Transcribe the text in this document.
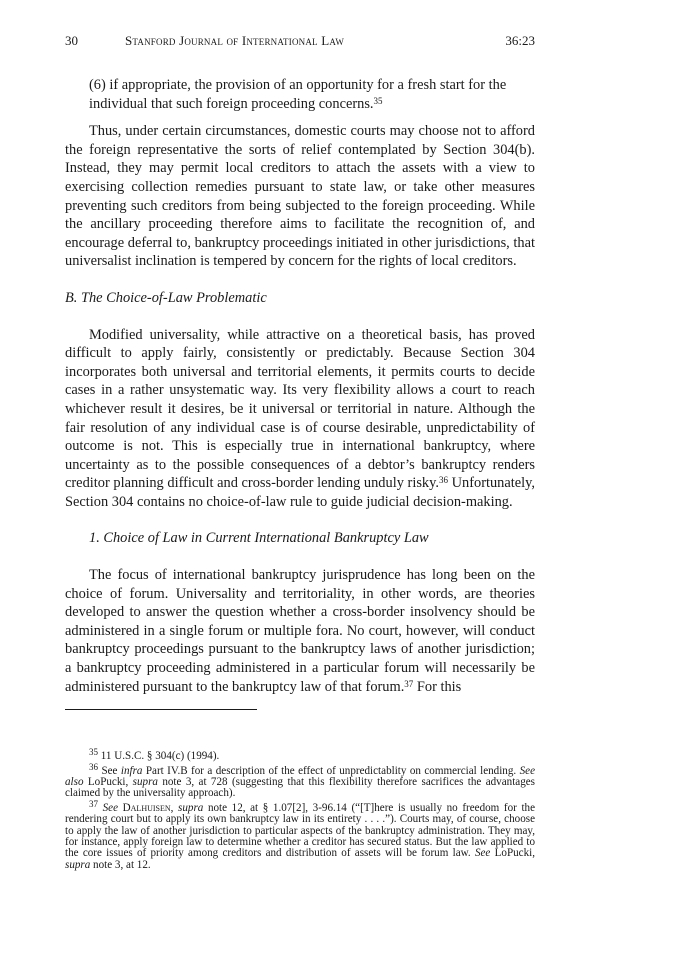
30	Stanford Journal of International Law	36:23

(6) if appropriate, the provision of an opportunity for a fresh start for the individual that such foreign proceeding concerns.$^{35}$

Thus, under certain circumstances, domestic courts may choose not to afford the foreign representative the sorts of relief contemplated by Section 304(b). Instead, they may permit local creditors to attach the assets with a view to exercising collection remedies pursuant to state law, or take other measures preventing such creditors from being subjected to the foreign proceeding. While the ancillary proceeding therefore aims to facilitate the recognition of, and encourage deferral to, bankruptcy proceedings initiated in other jurisdictions, that universalist inclination is tempered by concern for the rights of local creditors.

B. The Choice-of-Law Problematic

Modified universality, while attractive on a theoretical basis, has proved difficult to apply fairly, consistently or predictably. Because Section 304 incorporates both universal and territorial elements, it permits courts to decide cases in a rather unsystematic way. Its very flexibility allows a court to reach whichever result it desires, be it universal or territorial in nature. Although the fair resolution of any individual case is of course desirable, unpredictability of outcome is not. This is especially true in international bankruptcy, where uncertainty as to the possible consequences of a debtor’s bankruptcy renders creditor planning difficult and cross-border lending unduly risky.$^{36}$ Unfortunately, Section 304 contains no choice-of-law rule to guide judicial decision-making.

1. Choice of Law in Current International Bankruptcy Law

The focus of international bankruptcy jurisprudence has long been on the choice of forum. Universality and territoriality, in other words, are theories developed to answer the question whether a cross-border insolvency should be administered in a single forum or multiple fora. No court, however, will conduct bankruptcy proceedings pursuant to the bankruptcy laws of another jurisdiction; a bankruptcy proceeding administered in a particular forum will necessarily be administered pursuant to the bankruptcy law of that forum.$^{37}$ For this

$^{35}$ 11 U.S.C. § 304(c) (1994).

$^{36}$ See infra Part IV.B for a description of the effect of unpredictablity on commercial lending. See also LoPucki, supra note 3, at 728 (suggesting that this flexibility therefore sacrifices the advantages claimed by the universality approach).

$^{37}$ See Dalhuisen, supra note 12, at § 1.07[2], 3-96.14 (“[T]here is usually no freedom for the rendering court but to apply its own bankruptcy law in its entirety . . . .”). Courts may, of course, choose to apply the law of another jurisdiction to particular aspects of the bankruptcy administration. They may, for instance, apply foreign law to determine whether a creditor has secured status. But the law applied to the core issues of priority among creditors and distribution of assets will be forum law. See LoPucki, supra note 3, at 12.
